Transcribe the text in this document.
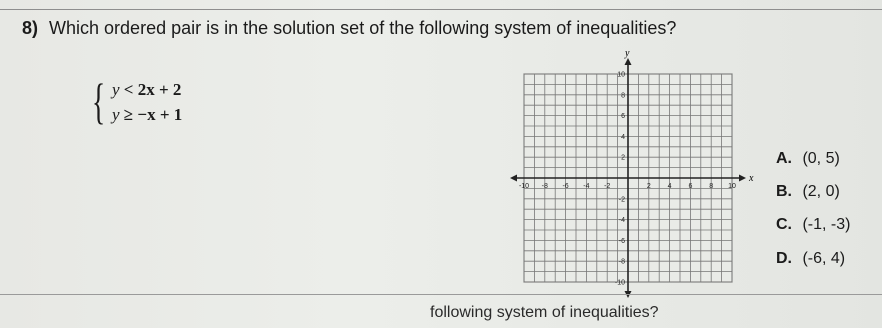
8) Which ordered pair is in the solution set of the following system of inequalities?
{ y < 2x + 2
y ≥ −x + 1
-10 -8 -6 -4 -2	2 4 6 8 10
10
8
6
4
2
-2
-4
-6
-8
-10
x
y
A. (0, 5)
B. (2, 0)
C. (-1, -3)
D. (-6, 4)
following system of inequalities?
